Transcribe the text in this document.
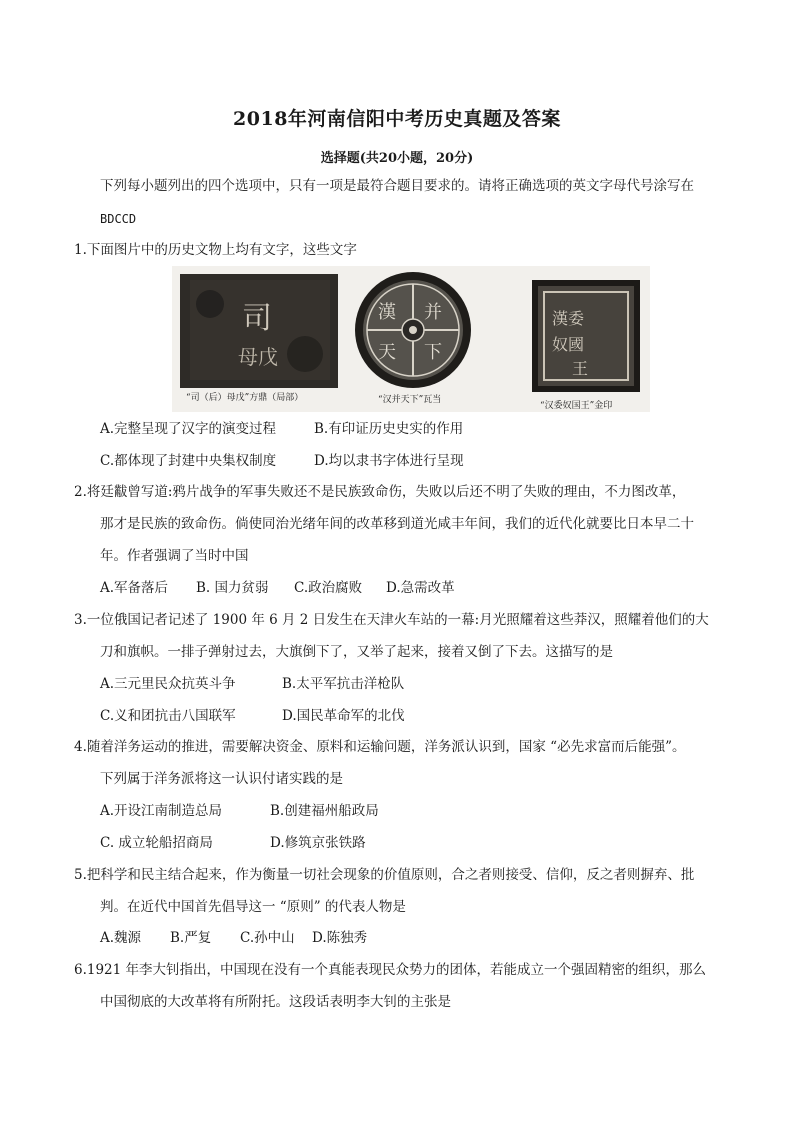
2018年河南信阳中考历史真题及答案
选择题(共20小题，20分)
下列每小题列出的四个选项中，只有一项是最符合题目要求的。请将正确选项的英文字母代号涂写在
BDCCD
1.下面图片中的历史文物上均有文字，这些文字
司
母戊
“司（后）母戊”方鼎（局部）
漢 并
天 下
“汉并天下”瓦当
漢委
奴國
王
“汉委奴国王”金印
A.完整呈现了汉字的演变过程	B.有印证历史史实的作用
C.都体现了封建中央集权制度	D.均以隶书字体进行呈现
2.将廷黻曾写道:鸦片战争的军事失败还不是民族致命伤，失败以后还不明了失败的理由，不力图改革，
那才是民族的致命伤。倘使同治光绪年间的改革移到道光咸丰年间，我们的近代化就要比日本早二十
年。作者强调了当时中国
A.军备落后 B. 国力贫弱 C.政治腐败 D.急需改革
3.一位俄国记者记述了 1900 年 6 月 2 日发生在天津火车站的一幕:月光照耀着这些莽汉，照耀着他们的大
刀和旗帜。一排子弹射过去，大旗倒下了，又举了起来，接着又倒了下去。这描写的是
A.三元里民众抗英斗争	B.太平军抗击洋枪队
C.义和团抗击八国联军	D.国民革命军的北伐
4.随着洋务运动的推进，需要解决资金、原料和运输问题，洋务派认识到，国家 “必先求富而后能强”。
下列属于洋务派将这一认识付诸实践的是
A.开设江南制造总局	B.创建福州船政局
C. 成立轮船招商局	D.修筑京张铁路
5.把科学和民主结合起来，作为衡量一切社会现象的价值原则，合之者则接受、信仰，反之者则摒弃、批
判。在近代中国首先倡导这一 “原则” 的代表人物是
A.魏源 B.严复 C.孙中山 D.陈独秀
6.1921 年李大钊指出，中国现在没有一个真能表现民众势力的团体，若能成立一个强固精密的组织，那么
中国彻底的大改革将有所附托。这段话表明李大钊的主张是
